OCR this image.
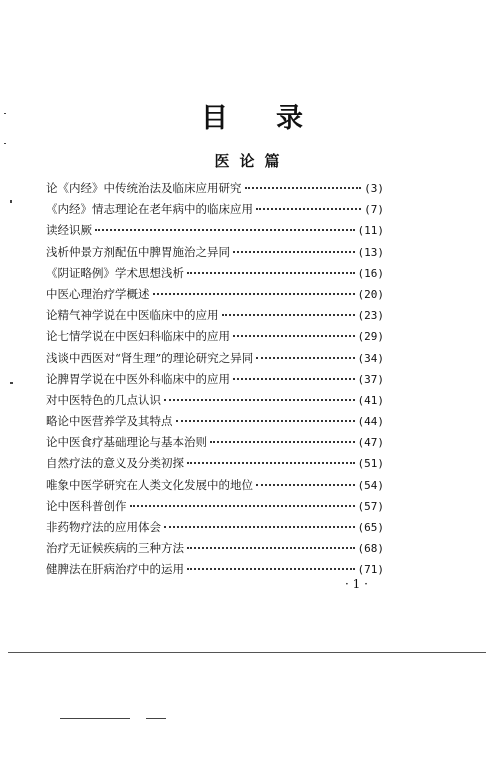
目 录
医论篇
论《内经》中传统治法及临床应用研究	(3)
《内经》情志理论在老年病中的临床应用	(7)
读经识厥	(11)
浅析仲景方剂配伍中脾胃施治之异同	(13)
《阴证略例》学术思想浅析	(16)
中医心理治疗学概述	(20)
论精气神学说在中医临床中的应用	(23)
论七情学说在中医妇科临床中的应用	(29)
浅谈中西医对“肾生理”的理论研究之异同	(34)
论脾胃学说在中医外科临床中的应用	(37)
对中医特色的几点认识	(41)
略论中医营养学及其特点	(44)
论中医食疗基础理论与基本治则	(47)
自然疗法的意义及分类初探	(51)
唯象中医学研究在人类文化发展中的地位	(54)
论中医科普创作	(57)
非药物疗法的应用体会	(65)
治疗无证候疾病的三种方法	(68)
健脾法在肝病治疗中的运用	(71)
· 1 ·
